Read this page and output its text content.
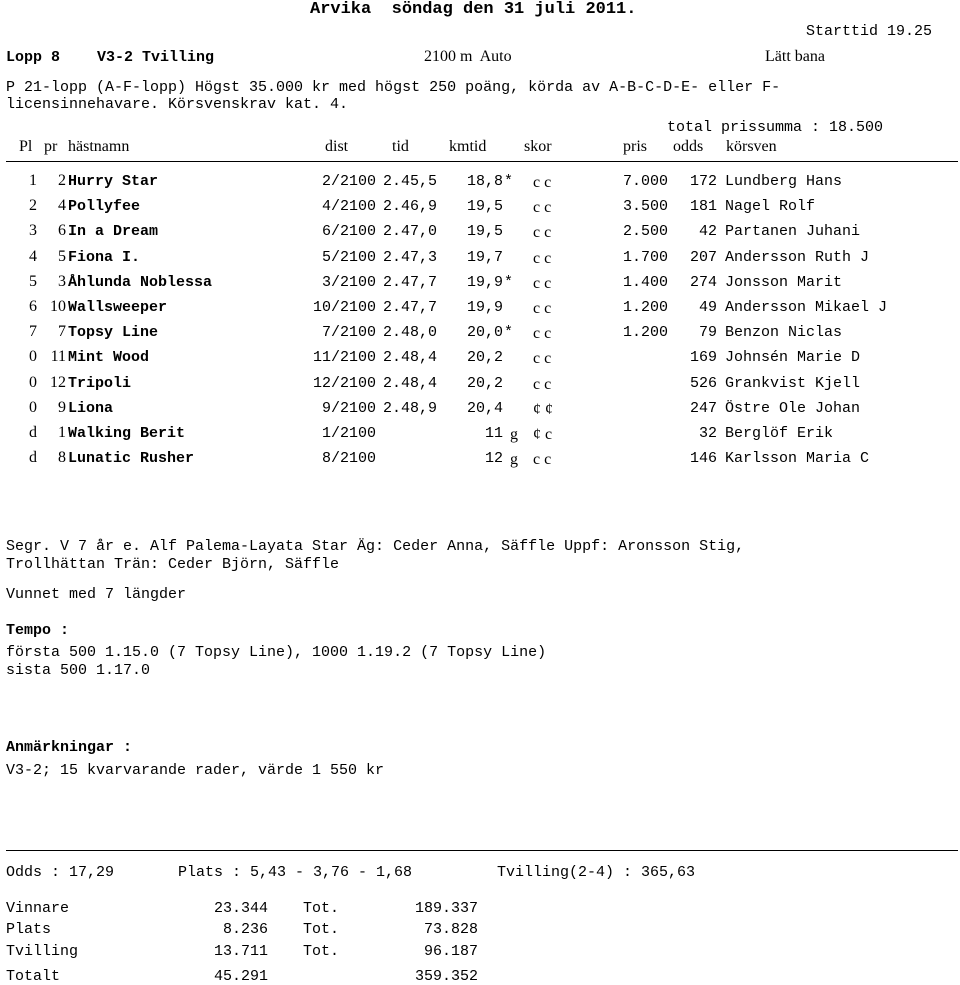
Arvika  söndag den 31 juli 2011.
Starttid 19.25
Lopp 8 V3-2 Tvilling	2100 m  Auto	Lätt bana
P 21-lopp (A-F-lopp) Högst 35.000 kr med högst 250 poäng, körda av A-B-C-D-E- eller F-
licensinnehavare. Körsvenskrav kat. 4.
total prissumma : 18.500
Pl pr hästnamn	dist	tid	kmtid skor	pris odds körsven
1	2 Hurry Star	2/2100 2.45,5	18,8 * c c	7.000	172 Lundberg Hans
2	4 Pollyfee	4/2100 2.46,9	19,5 c c	3.500	181 Nagel Rolf
3	6 In a Dream	6/2100 2.47,0	19,5 c c	2.500	42 Partanen Juhani
4	5 Fiona I.	5/2100 2.47,3	19,7 c c	1.700	207 Andersson Ruth J
5	3 Åhlunda Noblessa	3/2100 2.47,7	19,9 * c c	1.400	274 Jonsson Marit
6 10 Wallsweeper	10/2100 2.47,7	19,9 c c	1.200	49 Andersson Mikael J
7	7 Topsy Line	7/2100 2.48,0	20,0 * c c	1.200	79 Benzon Niclas
0 11 Mint Wood	11/2100 2.48,4	20,2 c c	169 Johnsén Marie D
0 12 Tripoli	12/2100 2.48,4	20,2 c c	526 Grankvist Kjell
0	9 Liona	9/2100 2.48,9	20,4 ¢ ¢	247 Östre Ole Johan
d	1 Walking Berit	1/2100	11 g ¢ c	32 Berglöf Erik
d	8 Lunatic Rusher	8/2100	12 g c c	146 Karlsson Maria C
Segr. V 7 år e. Alf Palema-Layata Star Äg: Ceder Anna, Säffle Uppf: Aronsson Stig,
Trollhättan Trän: Ceder Björn, Säffle
Vunnet med 7 längder
Tempo :
första 500 1.15.0 (7 Topsy Line), 1000 1.19.2 (7 Topsy Line)
sista 500 1.17.0
Anmärkningar :
V3-2; 15 kvarvarande rader, värde 1 550 kr
Odds : 17,29	Plats : 5,43 - 3,76 - 1,68	Tvilling(2-4) : 365,63
Vinnare	23.344 Tot.	189.337
Plats	8.236 Tot.	73.828
Tvilling	13.711 Tot.	96.187
Totalt	45.291	359.352
